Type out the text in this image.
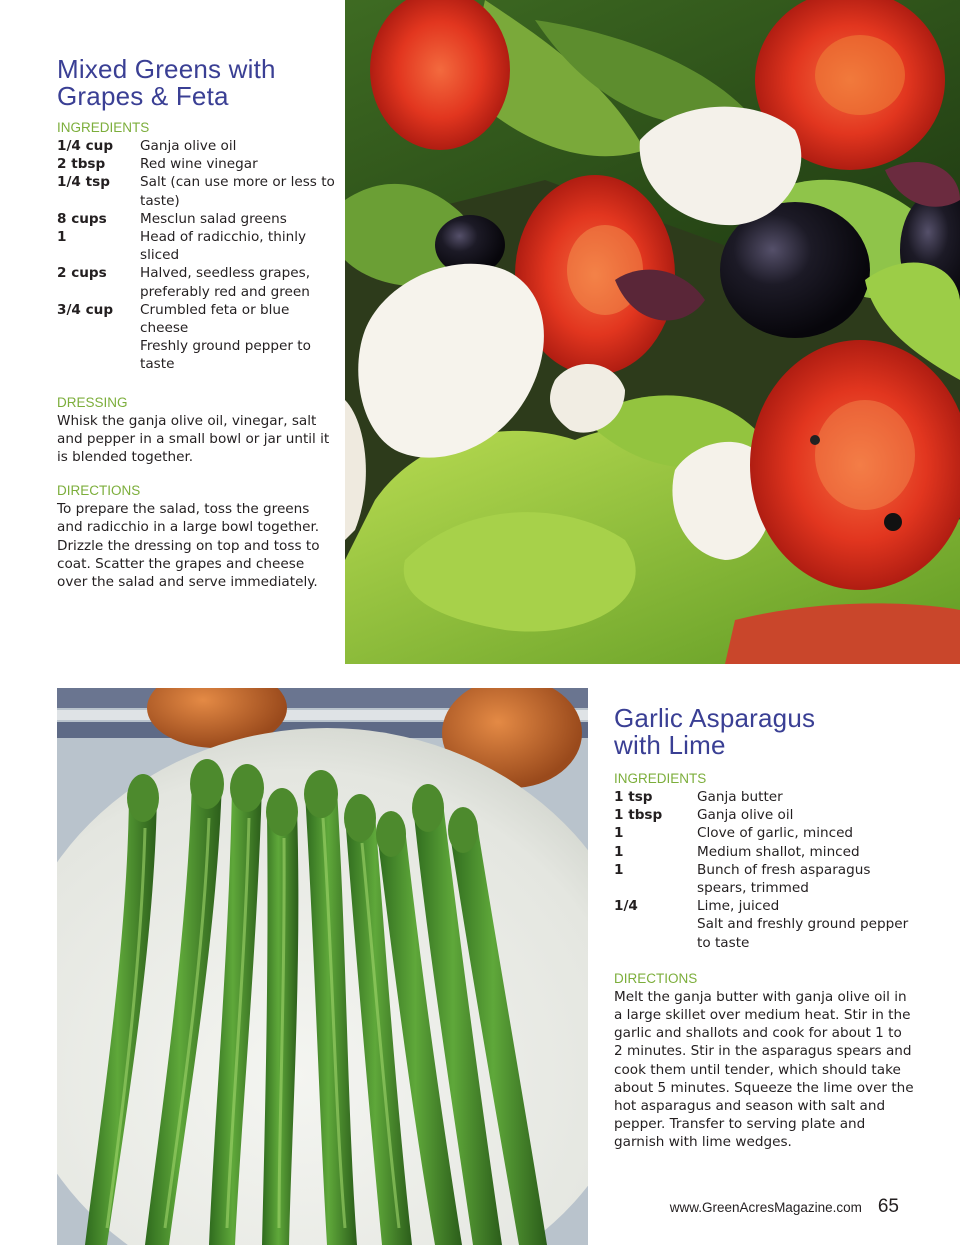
Mixed Greens with
Grapes & Feta
INGREDIENTS
1/4 cup	Ganja olive oil
2 tbsp	Red wine vinegar
1/4 tsp	Salt (can use more or less to taste)
8 cups	Mesclun salad greens
1	Head of radicchio, thinly sliced
2 cups	Halved, seedless grapes, preferably red and green
3/4 cup	Crumbled feta or blue cheese
Freshly ground pepper to taste
DRESSING

Whisk the ganja olive oil, vinegar, salt and pepper in a small bowl or jar until it is blended together.

DIRECTIONS

To prepare the salad, toss the greens and radicchio in a large bowl together. Drizzle the dressing on top and toss to coat. Scatter the grapes and cheese over the salad and serve immediately.

Garlic Asparagus
with Lime
INGREDIENTS
1 tsp	Ganja butter
1 tbsp	Ganja olive oil
1	Clove of garlic, minced
1	Medium shallot, minced
1	Bunch of fresh asparagus spears, trimmed
1/4	Lime, juiced
Salt and freshly ground pepper to taste
DIRECTIONS

Melt the ganja butter with ganja olive oil in a large skillet over medium heat. Stir in the garlic and shallots and cook for about 1 to 2 minutes. Stir in the asparagus spears and cook them until tender, which should take about 5 minutes. Squeeze the lime over the hot asparagus and season with salt and pepper. Transfer to serving plate and garnish with lime wedges.

www.GreenAcresMagazine.com 65
